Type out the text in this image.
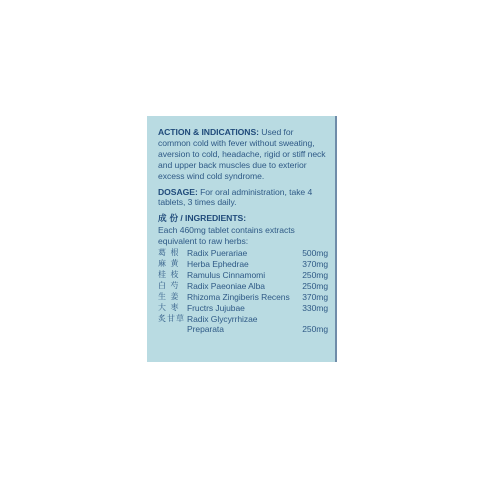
ACTION & INDICATIONS: Used for common cold with fever without sweating, aversion to cold, headache, rigid or stiff neck and upper back muscles due to exterior excess wind cold syndrome.

DOSAGE: For oral administration, take 4 tablets, 3 times daily.

成 份 / INGREDIENTS:

Each 460mg tablet contains extracts equivalent to raw herbs:

葛 根	Radix Puerariae	500mg
麻 黄	Herba Ephedrae	370mg
桂 枝	Ramulus Cinnamomi	250mg
白 芍	Radix Paeoniae Alba	250mg
生 姜	Rhizoma Zingiberis Recens	370mg
大 枣	Fructrs Jujubae	330mg
炙甘草	Radix Glycyrrhizae	
	Preparata	250mg
